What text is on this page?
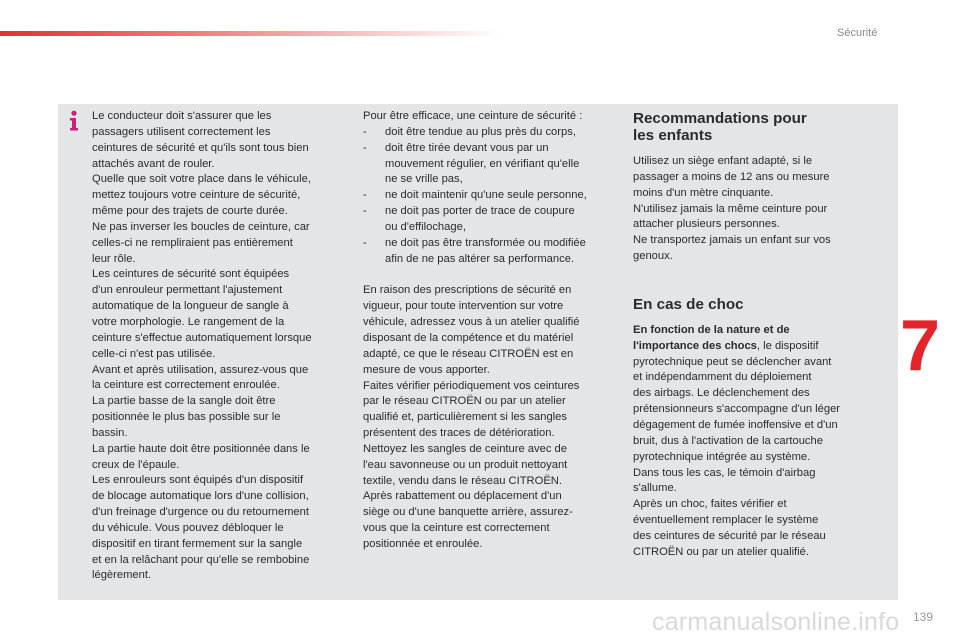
Sécurité
7

Le conducteur doit s'assurer que les

passagers utilisent correctement les

ceintures de sécurité et qu'ils sont tous bien

attachés avant de rouler.

Quelle que soit votre place dans le véhicule,

mettez toujours votre ceinture de sécurité,

même pour des trajets de courte durée.

Ne pas inverser les boucles de ceinture, car

celles-ci ne rempliraient pas entièrement

leur rôle.

Les ceintures de sécurité sont équipées

d'un enrouleur permettant l'ajustement

automatique de la longueur de sangle à

votre morphologie. Le rangement de la

ceinture s'effectue automatiquement lorsque

celle-ci n'est pas utilisée.

Avant et après utilisation, assurez-vous que

la ceinture est correctement enroulée.

La partie basse de la sangle doit être

positionnée le plus bas possible sur le

bassin.

La partie haute doit être positionnée dans le

creux de l'épaule.

Les enrouleurs sont équipés d'un dispositif

de blocage automatique lors d'une collision,

d'un freinage d'urgence ou du retournement

du véhicule. Vous pouvez débloquer le

dispositif en tirant fermement sur la sangle

et en la relâchant pour qu'elle se rembobine

légèrement.

Pour être efficace, une ceinture de sécurité :

- doit être tendue au plus près du corps,

- doit être tirée devant vous par un

mouvement régulier, en vérifiant qu'elle

ne se vrille pas,

- ne doit maintenir qu'une seule personne,

- ne doit pas porter de trace de coupure

ou d'effilochage,

- ne doit pas être transformée ou modifiée

afin de ne pas altérer sa performance.

En raison des prescriptions de sécurité en

vigueur, pour toute intervention sur votre

véhicule, adressez vous à un atelier qualifié

disposant de la compétence et du matériel

adapté, ce que le réseau CITROËN est en

mesure de vous apporter.

Faites vérifier périodiquement vos ceintures

par le réseau CITROËN ou par un atelier

qualifié et, particulièrement si les sangles

présentent des traces de détérioration.

Nettoyez les sangles de ceinture avec de

l'eau savonneuse ou un produit nettoyant

textile, vendu dans le réseau CITROËN.

Après rabattement ou déplacement d'un

siège ou d'une banquette arrière, assurez-

vous que la ceinture est correctement

positionnée et enroulée.

Recommandations pour

les enfants

Utilisez un siège enfant adapté, si le

passager a moins de 12 ans ou mesure

moins d'un mètre cinquante.

N'utilisez jamais la même ceinture pour

attacher plusieurs personnes.

Ne transportez jamais un enfant sur vos

genoux.

En cas de choc

En fonction de la nature et de

l'importance des chocs, le dispositif

pyrotechnique peut se déclencher avant

et indépendamment du déploiement

des airbags. Le déclenchement des

prétensionneurs s'accompagne d'un léger

dégagement de fumée inoffensive et d'un

bruit, dus à l'activation de la cartouche

pyrotechnique intégrée au système.

Dans tous les cas, le témoin d'airbag

s'allume.

Après un choc, faites vérifier et

éventuellement remplacer le système

des ceintures de sécurité par le réseau

CITROËN ou par un atelier qualifié.

carmanualsonline.info 139
